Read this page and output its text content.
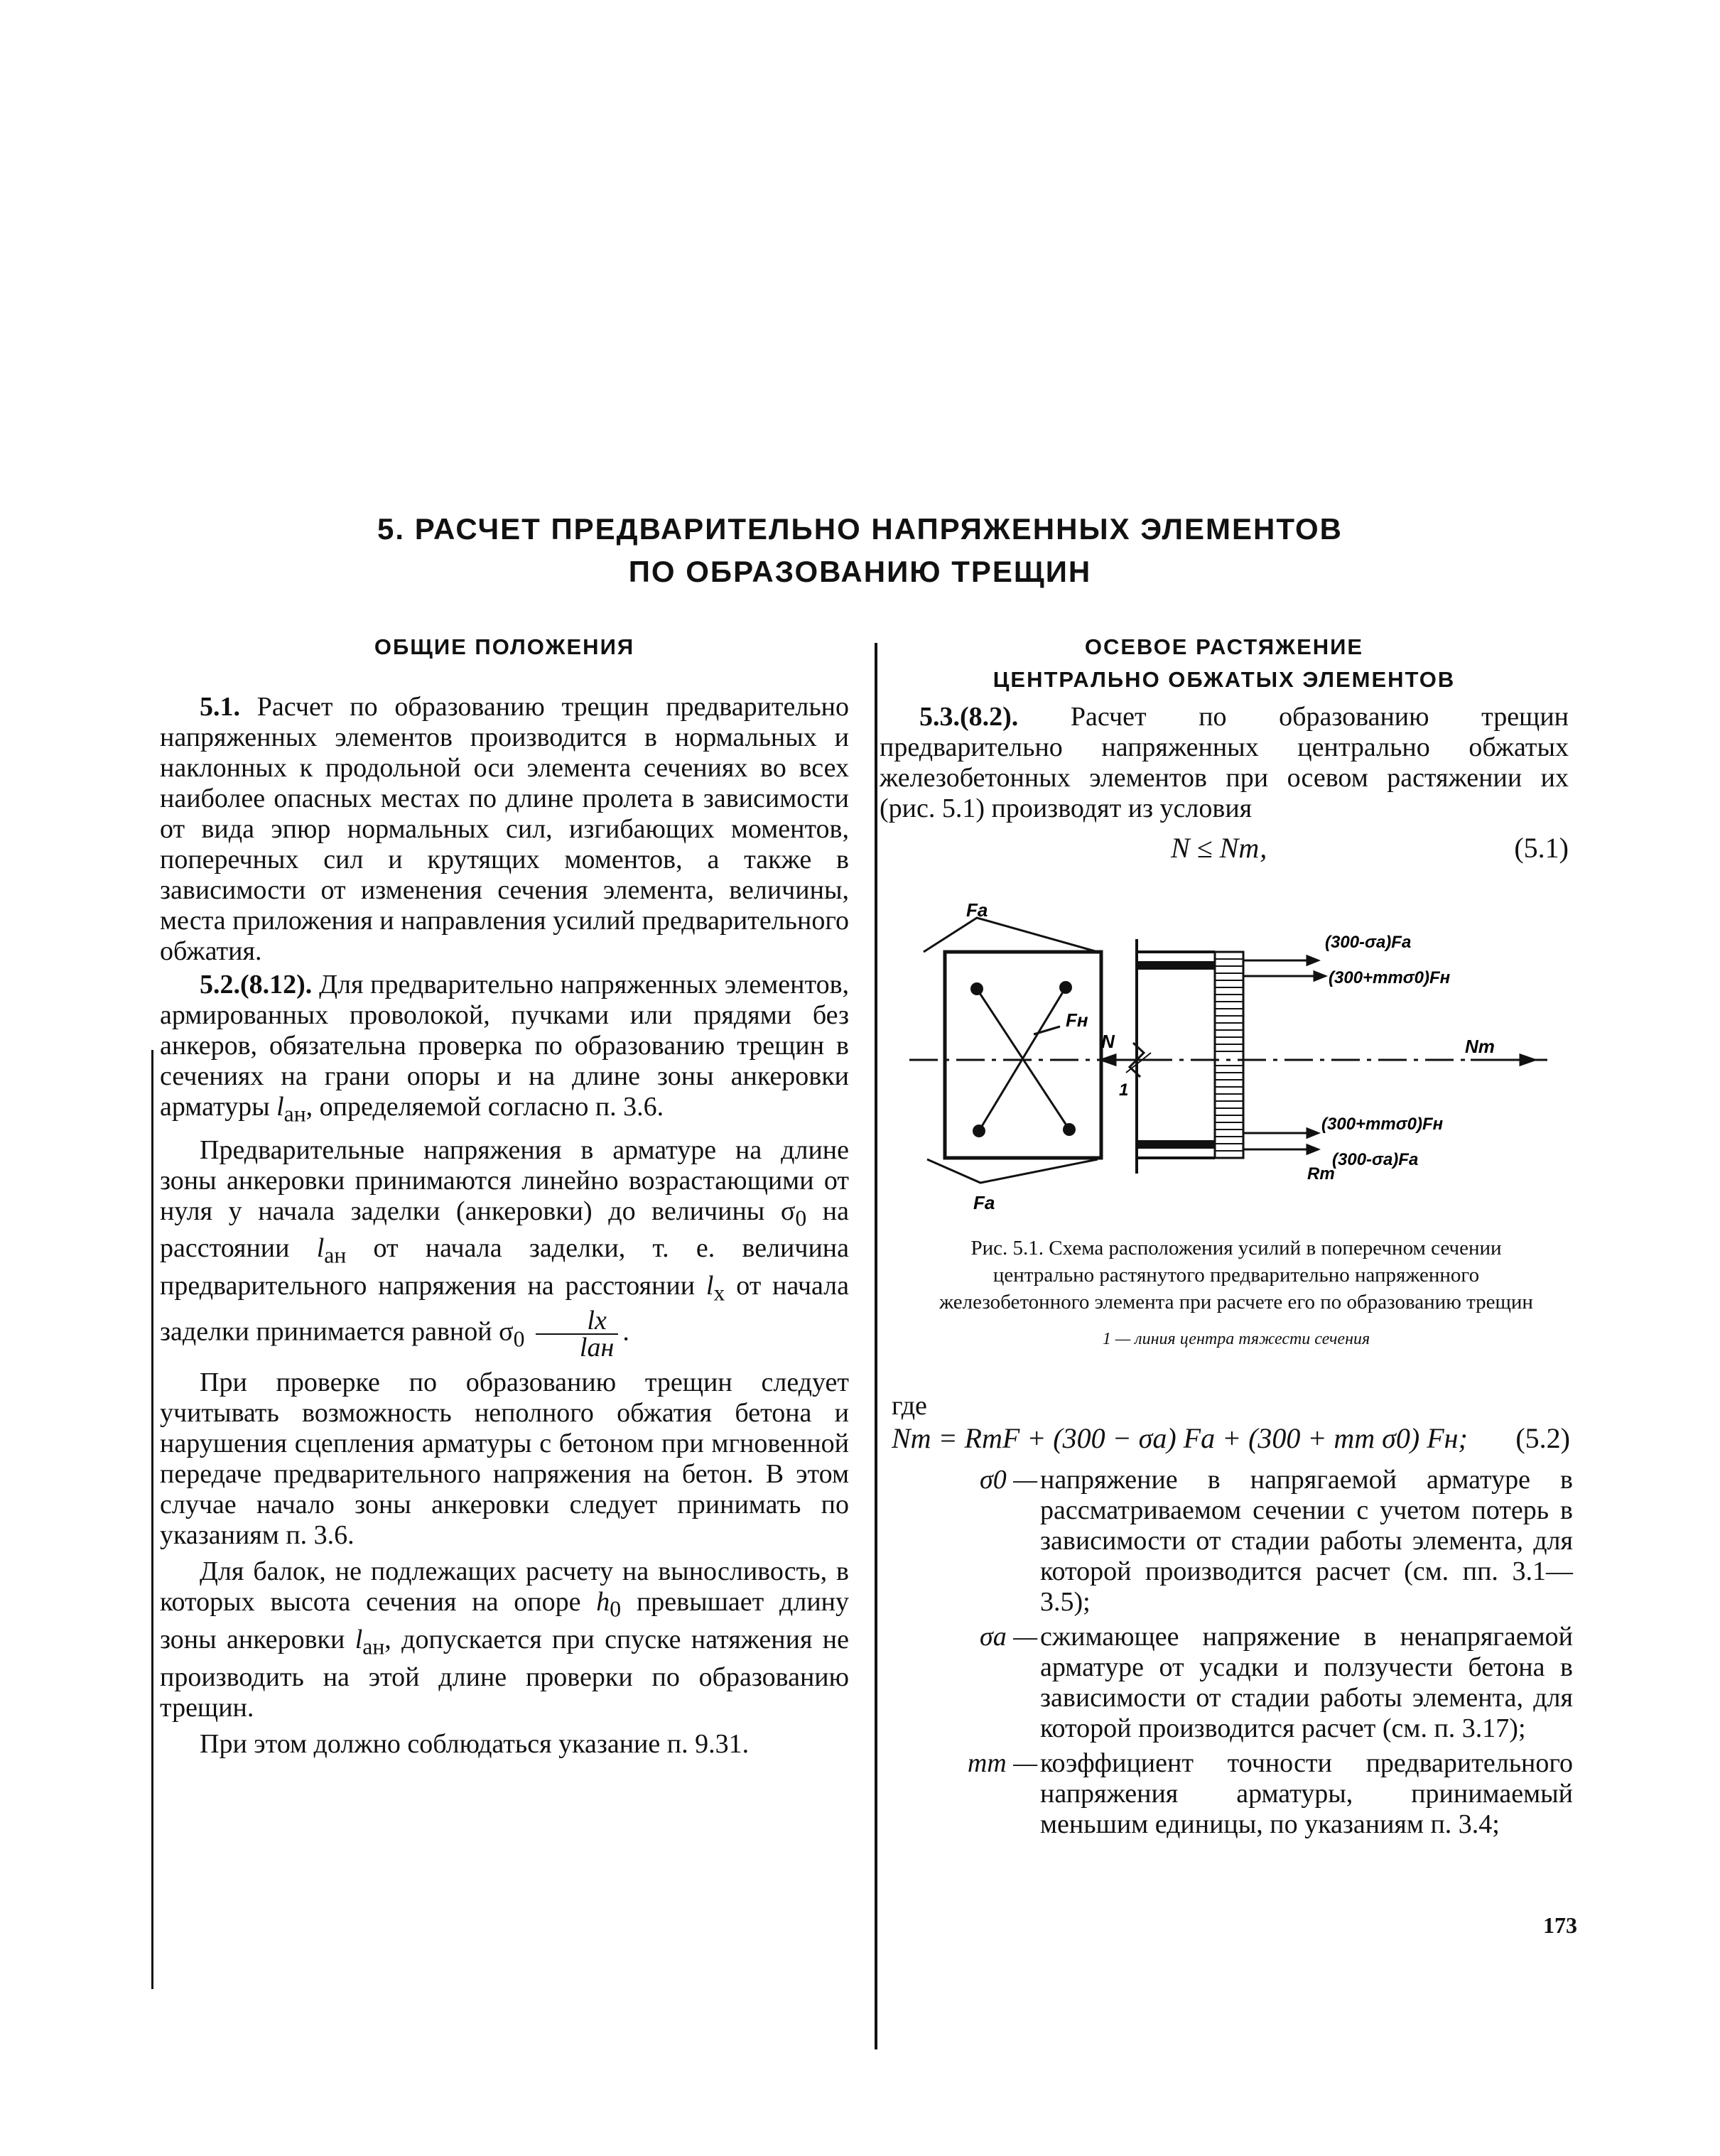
5. РАСЧЕТ ПРЕДВАРИТЕЛЬНО НАПРЯЖЕННЫХ ЭЛЕМЕНТОВ
ПО ОБРАЗОВАНИЮ ТРЕЩИН
ОБЩИЕ ПОЛОЖЕНИЯ
5.1. Расчет по образованию трещин предварительно напряженных элементов производится в нормальных и наклонных к продольной оси элемента сечениях во всех наиболее опасных местах по длине пролета в зависимости от вида эпюр нормальных сил, изгибающих моментов, поперечных сил и крутящих моментов, а также в зависимости от изменения сечения элемента, величины, места приложения и направления усилий предварительного обжатия.
5.2.(8.12). Для предварительно напряженных элементов, армированных проволокой, пучками или прядями без анкеров, обязательна проверка по образованию трещин в сечениях на грани опоры и на длине зоны анкеровки арматуры $l_{ан}$, определяемой согласно п. 3.6.
Предварительные напряжения в арматуре на длине зоны анкеровки принимаются линейно возрастающими от нуля у начала заделки (анкеровки) до величины $\sigma_0$ на расстоянии $l_{ан}$ от начала заделки, т. е. величина предварительного напряжения на расстоянии $l_x$ от начала заделки принимается равной $\sigma_0 \frac{lx}{\text{lан}}$ .
При проверке по образованию трещин следует учитывать возможность неполного обжатия бетона и нарушения сцепления арматуры с бетоном при мгновенной передаче предварительного напряжения на бетон. В этом случае начало зоны анкеровки следует принимать по указаниям п. 3.6.
Для балок, не подлежащих расчету на выносливость, в которых высота сечения на опоре $h_0$ превышает длину зоны анкеровки $l_{ан}$, допускается при спуске натяжения не производить на этой длине проверки по образованию трещин.
При этом должно соблюдаться указание п. 9.31.
ОСЕВОЕ РАСТЯЖЕНИЕ
ЦЕНТРАЛЬНО ОБЖАТЫХ ЭЛЕМЕНТОВ
5.3.(8.2). Расчет по образованию трещин предварительно напряженных центрально обжатых железобетонных элементов при осевом растяжении их (рис. 5.1) производят из условия
N ≤ Nт,	(5.1)
Fa
Fa
Fн
(300-σa)Fa
(300+mтσ0)Fн
(300+mтσ0)Fн
(300-σa)Fa
Nт
N
1
Rт
Рис. 5.1. Схема расположения усилий в поперечном сечении центрально растянутого предварительно напряженного железобетонного элемента при расчете его по образованию трещин
1 — линия центра тяжести сечения
где
Nт = RтF + (300 − σa) Fa + (300 + mт σ0) Fн; (5.2)
σ0 — напряжение в напрягаемой арматуре в рассматриваемом сечении с учетом потерь в зависимости от стадии работы элемента, для которой производится расчет (см. пп. 3.1—3.5);
σa — сжимающее напряжение в ненапрягаемой арматуре от усадки и ползучести бетона в зависимости от стадии работы элемента, для которой производится расчет (см. п. 3.17);
mт — коэффициент точности предварительного напряжения арматуры, принимаемый меньшим единицы, по указаниям п. 3.4;
173
